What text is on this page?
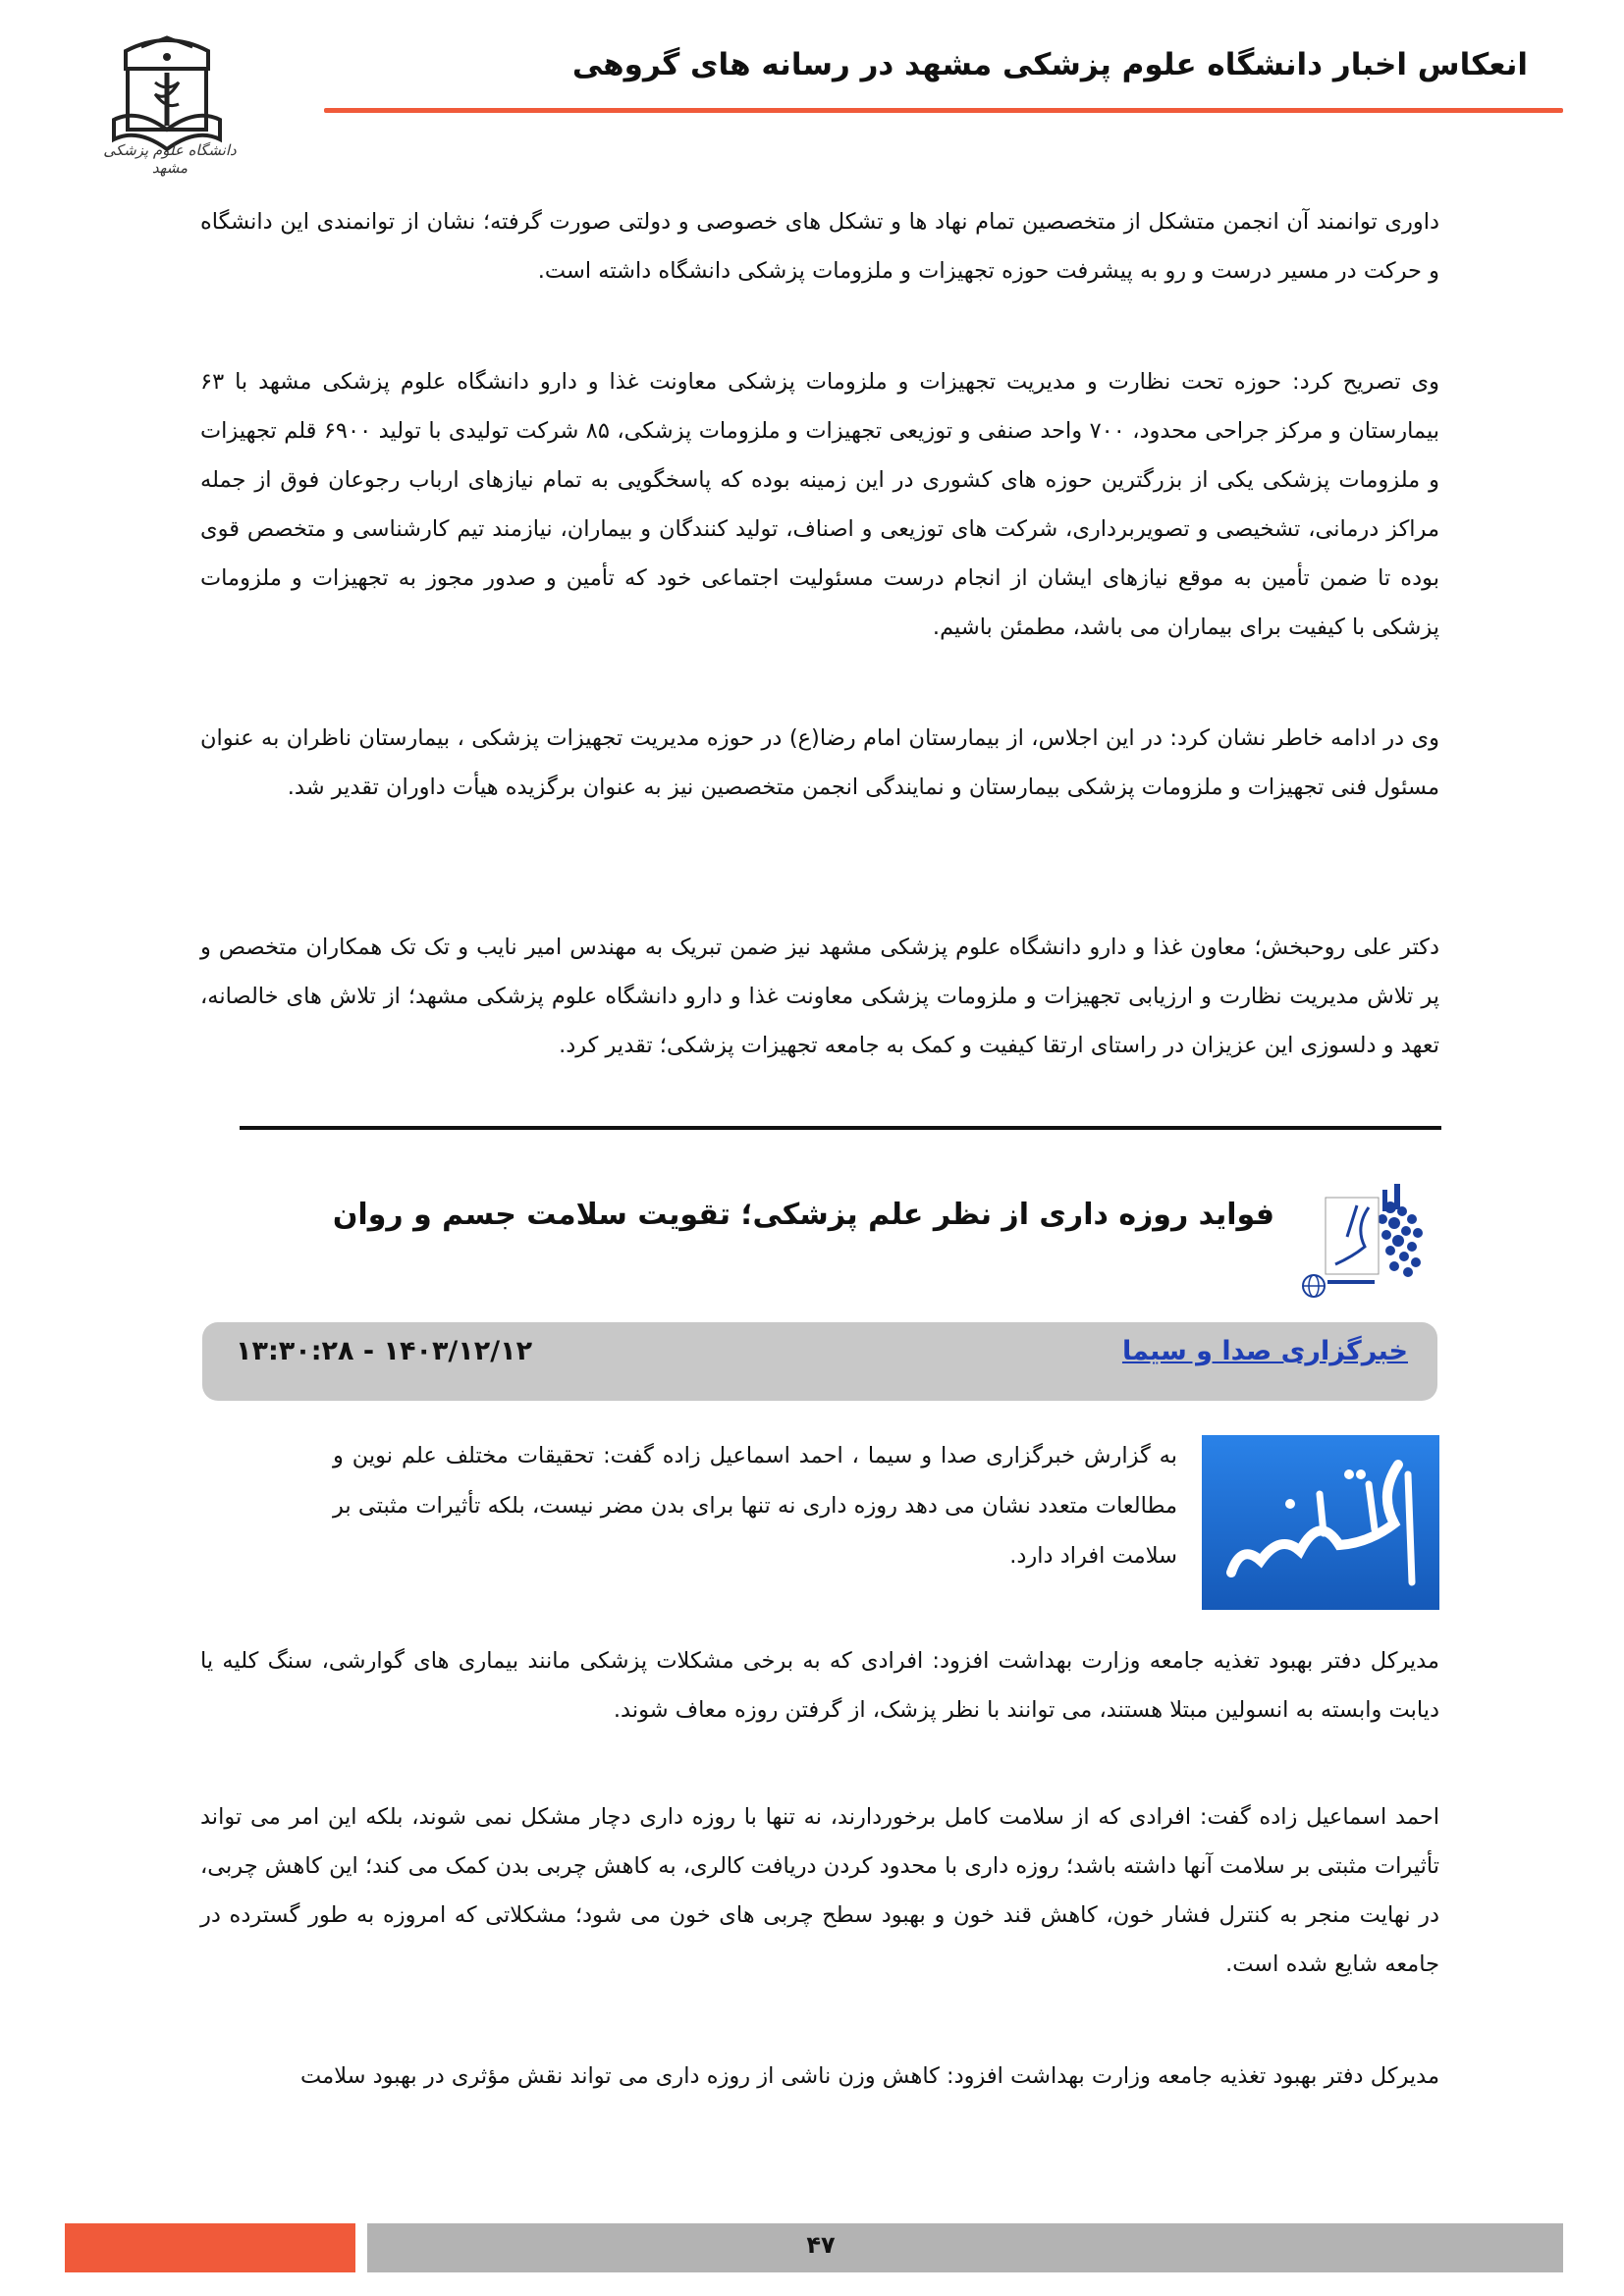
دانشگاه علوم پزشکی مشهد
انعکاس اخبار دانشگاه علوم پزشکی مشهد در رسانه های گروهی

داوری توانمند آن انجمن متشکل از متخصصین تمام نهاد ها و تشکل های خصوصی و دولتی صورت گرفته؛ نشان از توانمندی این دانشگاه و حرکت در مسیر درست و رو به پیشرفت حوزه تجهیزات و ملزومات پزشکی دانشگاه داشته است.

وی تصریح کرد: حوزه تحت نظارت و مدیریت تجهیزات و ملزومات پزشکی معاونت غذا و دارو دانشگاه علوم پزشکی مشهد با ۶۳ بیمارستان و مرکز جراحی محدود، ۷۰۰ واحد صنفی و توزیعی تجهیزات و ملزومات پزشکی، ۸۵ شرکت تولیدی با تولید ۶۹۰۰ قلم تجهیزات و ملزومات پزشکی یکی از بزرگترین حوزه های کشوری در این زمینه بوده که پاسخگویی به تمام نیازهای ارباب رجوعان فوق از جمله مراکز درمانی، تشخیصی و تصویربرداری، شرکت های توزیعی و اصناف، تولید کنندگان و بیماران، نیازمند تیم کارشناسی و متخصص قوی بوده تا ضمن تأمین به موقع نیازهای ایشان از انجام درست مسئولیت اجتماعی خود که تأمین و صدور مجوز به تجهیزات و ملزومات پزشکی با کیفیت برای بیماران می باشد، مطمئن باشیم.

وی در ادامه خاطر نشان کرد: در این اجلاس، از بیمارستان امام رضا(ع) در حوزه مدیریت تجهیزات پزشکی ، بیمارستان ناظران به عنوان مسئول فنی تجهیزات و ملزومات پزشکی بیمارستان و نمایندگی انجمن متخصصین نیز به عنوان برگزیده هیأت داوران تقدیر شد.

دکتر علی روحبخش؛ معاون غذا و دارو دانشگاه علوم پزشکی مشهد نیز ضمن تبریک به مهندس امیر نایب و تک تک همکاران متخصص و پر تلاش مدیریت نظارت و ارزیابی تجهیزات و ملزومات پزشکی معاونت غذا و دارو دانشگاه علوم پزشکی مشهد؛ از تلاش های خالصانه، تعهد و دلسوزی این عزیزان در راستای ارتقا کیفیت و کمک به جامعه تجهیزات پزشکی؛ تقدیر کرد.

فواید روزه داری از نظر علم پزشکی؛ تقویت سلامت جسم و روان
خبرگزاری صدا و سیما
۱۴۰۳/۱۲/۱۲ - ۱۳:۳۰:۲۸

به گزارش خبرگزاری صدا و سیما ، احمد اسماعیل زاده گفت: تحقیقات مختلف علم نوین و مطالعات متعدد نشان می دهد روزه داری نه تنها برای بدن مضر نیست، بلکه تأثیرات مثبتی بر سلامت افراد دارد.

مدیرکل دفتر بهبود تغذیه جامعه وزارت بهداشت افزود: افرادی که به برخی مشکلات پزشکی مانند بیماری های گوارشی، سنگ کلیه یا دیابت وابسته به انسولین مبتلا هستند، می توانند با نظر پزشک، از گرفتن روزه معاف شوند.

احمد اسماعیل زاده گفت: افرادی که از سلامت کامل برخوردارند، نه تنها با روزه داری دچار مشکل نمی شوند، بلکه این امر می تواند تأثیرات مثبتی بر سلامت آنها داشته باشد؛ روزه داری با محدود کردن دریافت کالری، به کاهش چربی بدن کمک می کند؛ این کاهش چربی، در نهایت منجر به کنترل فشار خون، کاهش قند خون و بهبود سطح چربی های خون می شود؛ مشکلاتی که امروزه به طور گسترده در جامعه شایع شده است.

مدیرکل دفتر بهبود تغذیه جامعه وزارت بهداشت افزود: کاهش وزن ناشی از روزه داری می تواند نقش مؤثری در بهبود سلامت

۴۷
